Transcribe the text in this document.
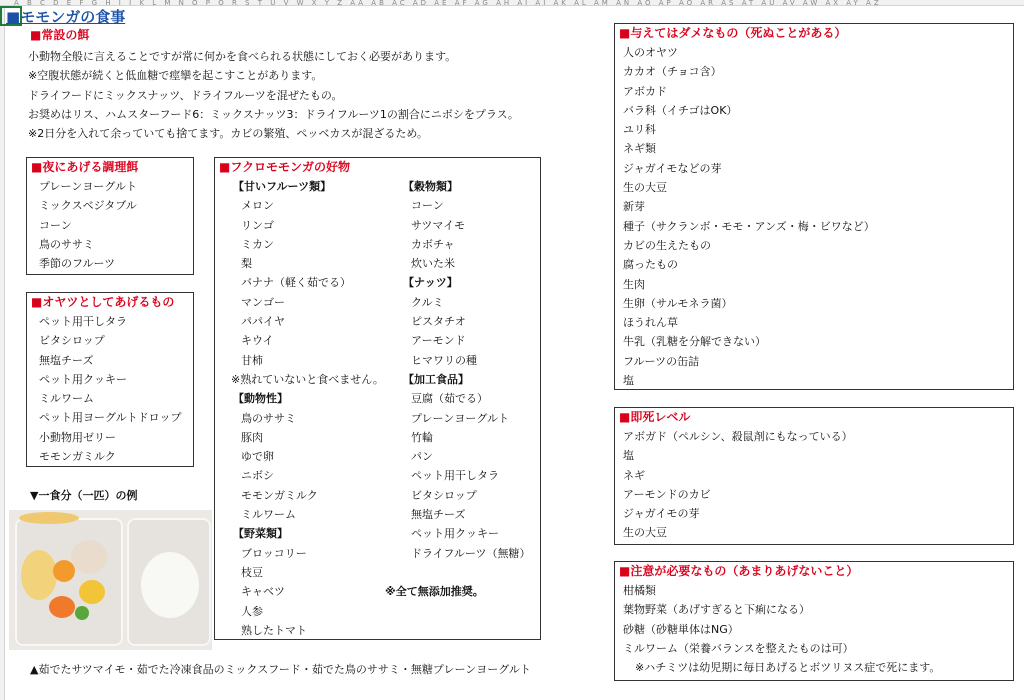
A B C D E F G H I J K L M N O P Q R S T U V W X Y Z AA AB AC AD AE AF AG AH AI AJ AK AL AM AN AO AP AQ AR AS AT AU AV AW AX AY AZ
■モモンガの食事
■常設の餌
小動物全般に言えることですが常に何かを食べられる状態にしておく必要があります。
※空腹状態が続くと低血糖で痙攣を起こすことがあります。
ドライフードにミックスナッツ、ドライフルーツを混ぜたもの。
お奨めはリス、ハムスターフード6：ミックスナッツ3：ドライフルーツ1の割合にニボシをプラス。
※2日分を入れて余っていても捨てます。カビの繁殖、ペッベカスが混ざるため。
■夜にあげる調理餌
プレーンヨーグルト
ミックスベジタブル
コーン
鳥のササミ
季節のフルーツ
■オヤツとしてあげるもの
ペット用干しタラ
ビタシロップ
無塩チーズ
ペット用クッキー
ミルワーム
ペット用ヨーグルトドロップ
小動物用ゼリー
モモンガミルク
■フクロモモンガの好物
【甘いフルーツ類】
メロン
リンゴ
ミカン
梨
バナナ（軽く茹でる）
マンゴー
パパイヤ
キウイ
甘柿
※熟れていないと食べません。
【動物性】
鳥のササミ
豚肉
ゆで卵
ニボシ
モモンガミルク
ミルワーム
【野菜類】
ブロッコリー
枝豆
キャベツ
人参
熟したトマト
【穀物類】
コーン
サツマイモ
カボチャ
炊いた米
【ナッツ】
クルミ
ピスタチオ
アーモンド
ヒマワリの種
【加工食品】
豆腐（茹でる）
プレーンヨーグルト
竹輪
パン
ペット用干しタラ
ビタシロップ
無塩チーズ
ペット用クッキー
ドライフルーツ（無糖）
※全て無添加推奨。
■与えてはダメなもの（死ぬことがある）
人のオヤツ
カカオ（チョコ含）
アボカド
バラ科（イチゴはOK）
ユリ科
ネギ類
ジャガイモなどの芽
生の大豆
新芽
種子（サクランボ・モモ・アンズ・梅・ビワなど）
カビの生えたもの
腐ったもの
生肉
生卵（サルモネラ菌）
ほうれん草
牛乳（乳糖を分解できない）
フルーツの缶詰
塩
■即死レベル
アボガド（ペルシン、殺鼠剤にもなっている）
塩
ネギ
アーモンドのカビ
ジャガイモの芽
生の大豆
■注意が必要なもの（あまりあげないこと）
柑橘類
葉物野菜（あげすぎると下痢になる）
砂糖（砂糖単体はNG）
ミルワーム（栄養バランスを整えたものは可）
※ハチミツは幼児期に毎日あげるとボツリヌス症で死にます。
▼一食分（一匹）の例
▲茹でたサツマイモ・茹でた冷凍食品のミックスフード・茹でた鳥のササミ・無糖プレーンヨーグルト
